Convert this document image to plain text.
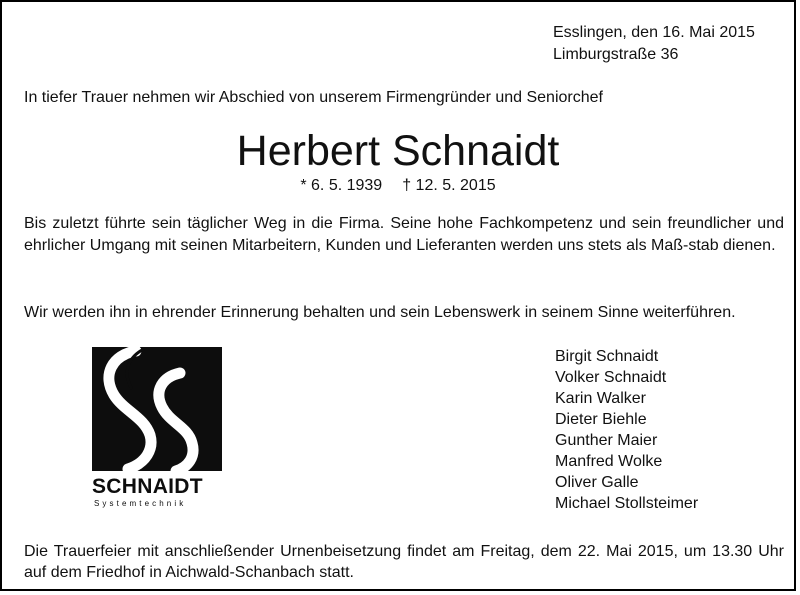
Esslingen, den 16. Mai 2015
Limburgstraße 36
In tiefer Trauer nehmen wir Abschied von unserem Firmengründer und Seniorchef
Herbert Schnaidt
* 6. 5. 1939 † 12. 5. 2015
Bis zuletzt führte sein täglicher Weg in die Firma. Seine hohe Fachkompetenz und sein freundlicher und ehrlicher Umgang mit seinen Mitarbeitern, Kunden und Lieferanten werden uns stets als Maß-stab dienen.
Wir werden ihn in ehrender Erinnerung behalten und sein Lebenswerk in seinem Sinne weiterführen.
SCHNAIDT
Systemtechnik
Birgit Schnaidt
Volker Schnaidt
Karin Walker
Dieter Biehle
Gunther Maier
Manfred Wolke
Oliver Galle
Michael Stollsteimer
Die Trauerfeier mit anschließender Urnenbeisetzung findet am Freitag, dem 22. Mai 2015, um 13.30 Uhr auf dem Friedhof in Aichwald-Schanbach statt.
